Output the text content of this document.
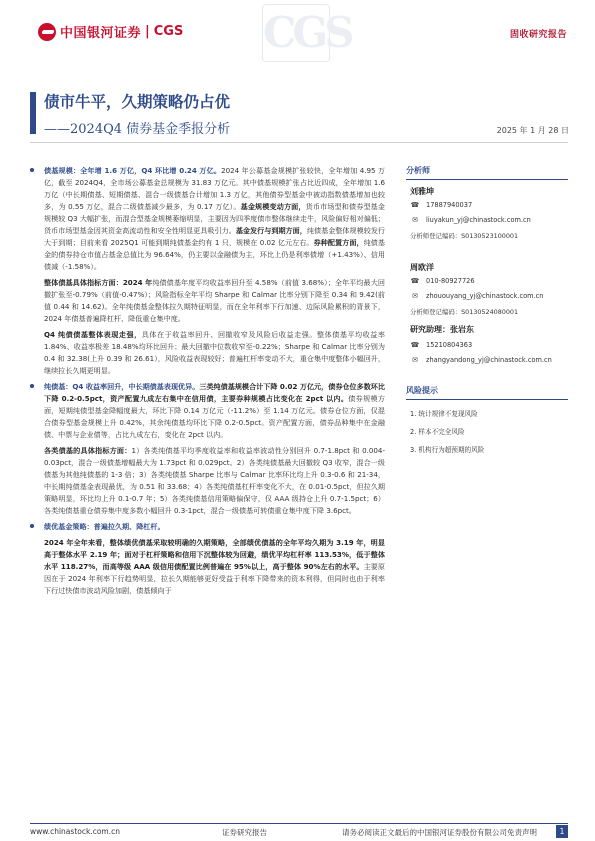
中国银河证券 | CGS CGS	固收研究报告
债市牛平，久期策略仍占优
——2024Q4 债券基金季报分析	2025 年 1 月 28 日

债基规模：全年增 1.6 万亿，Q4 环比增 0.24 万亿。2024 年公募基金规模扩张较快，全年增加 4.95 万亿，截至 2024Q4，全市场公募基金总规模为 31.83 万亿元。其中债基规模扩张占比近四成，全年增加 1.6 万亿（中长期债基、短期债基、混合一级债基合计增加 1.3 万亿，其他债券型基金中被动指数债基增加也较多，为 0.55 万亿，混合二级债基减少最多，为 0.17 万亿）。基金规模变动方面，货币市场型和债券型基金规模较 Q3 大幅扩张，而混合型基金规模萎缩明显，主要因为四季度债市整体继续走牛，风险偏好相对偏低；货币市场型基金因其资金高流动性和安全性明显更具吸引力。基金发行与到期方面，纯债基金整体规模较发行大于到期；目前来看 2025Q1 可能到期纯债基金约有 1 只，规模在 0.02 亿元左右。券种配置方面，纯债基金的债券持仓市值占基金总值比为 96.64%，仍主要以金融债为主，环比上仍是利率债增（+1.43%）、信用债减（-1.58%）。

整体债基具体指标方面：2024 年纯债债基年度平均收益率回升至 4.58%（前值 3.68%）；全年平均最大回撤扩张至-0.79%（前值-0.47%）；风险指标全年平均 Sharpe 和 Calmar 比率分别下降至 0.34 和 9.42(前值 0.44 和 14.62)。全年纯债基金整体拉久期特征明显，而在全年利率下行加速、边际风险累积的背景下，2024 年债基普遍降杠杆、降低重仓集中度。

Q4 纯债债基整体表现走强，具体在于收益率回升、回撤收窄及风险后收益走强。整体债基平均收益率 1.84%、收益率极差 18.48%均环比回升；最大回撤中位数收窄至-0.22%；Sharpe 和 Calmar 比率分别为 0.4 和 32.38(上升 0.39 和 26.61），风险收益表现较好；普遍杠杆率变动不大，重仓集中度整体小幅回升，继续拉长久期更明显。

纯债基：Q4 收益率回升，中长期债基表现优异。三类纯债基规模合计下降 0.02 万亿元，债券仓位多数环比下降 0.2-0.5pct，资产配置九成左右集中在信用债，主要券种规模占比变化在 2pct 以内。债券规模方面，短期纯债型基金降幅度最大，环比下降 0.14 万亿元（-11.2%）至 1.14 万亿元。债券仓位方面，仅混合债券型基金规模上升 0.42%，其余纯债基均环比下降 0.2-0.5pct。资产配置方面，债券品种集中在金融债、中票与企业债等，占比九成左右，变化在 2pct 以内。

各类债基的具体指标方面：1）各类纯债基平均季度收益率和收益率波动性分别回升 0.7-1.8pct 和 0.004-0.03pct，混合一级债基增幅最大为 1.73pct 和 0.029pct。2）各类纯债基最大回撤较 Q3 收窄，混合一级债基为其他纯债基的 1-3 倍；3）各类纯债基 Sharpe 比率与 Calmar 比率环比均上升 0.3-0.6 和 21-34，中长期纯债基金表现最优，为 0.51 和 33.68；4）各类纯债基杠杆率变化不大，在 0.01-0.5pct，但拉久期策略明显，环比均上升 0.1-0.7 年；5）各类纯债基信用策略偏保守，仅 AAA 级持仓上升 0.7-1.5pct；6）各类纯债基重仓债券集中度多数小幅回升 0.3-1pct，混合一级债基可转债重仓集中度下降 3.6pct。

绩优基金策略：普遍拉久期、降杠杆。

2024 年全年来看，整体绩优债基采取较明确的久期策略，全部绩优债基的全年平均久期为 3.19 年，明显高于整体水平 2.19 年；面对于杠杆策略和信用下沉整体较为回避，绩优平均杠杆率 113.53%，低于整体水平 118.27%，而高等级 AAA 级信用债配置比例普遍在 95%以上，高于整体 90%左右的水平。主要原因在于 2024 年利率下行趋势明显，拉长久期能够更好受益于利率下降带来的资本利得，但同时也由于利率下行过快债市波动风险加剧，债基倾向于

分析师
刘雅坤
☎ 17887940037
✉	liuyakun_yj@chinastock.com.cn
分析师登记编码：S0130523100001
周欧洋
☎ 010-80927726
✉	zhououyang_yj@chinastock.com.cn
分析师登记编码：S0130524080001
研究助理：张岩东
☎ 15210804363
✉	zhangyandong_yj@chinastock.com.cn
风险提示
1. 统计规律不复现风险
2. 样本不完全风险
3. 机构行为超预期的风险
www.chinastock.com.cn	证券研究报告	请务必阅读正文最后的中国银河证券股份有限公司免责声明	1
